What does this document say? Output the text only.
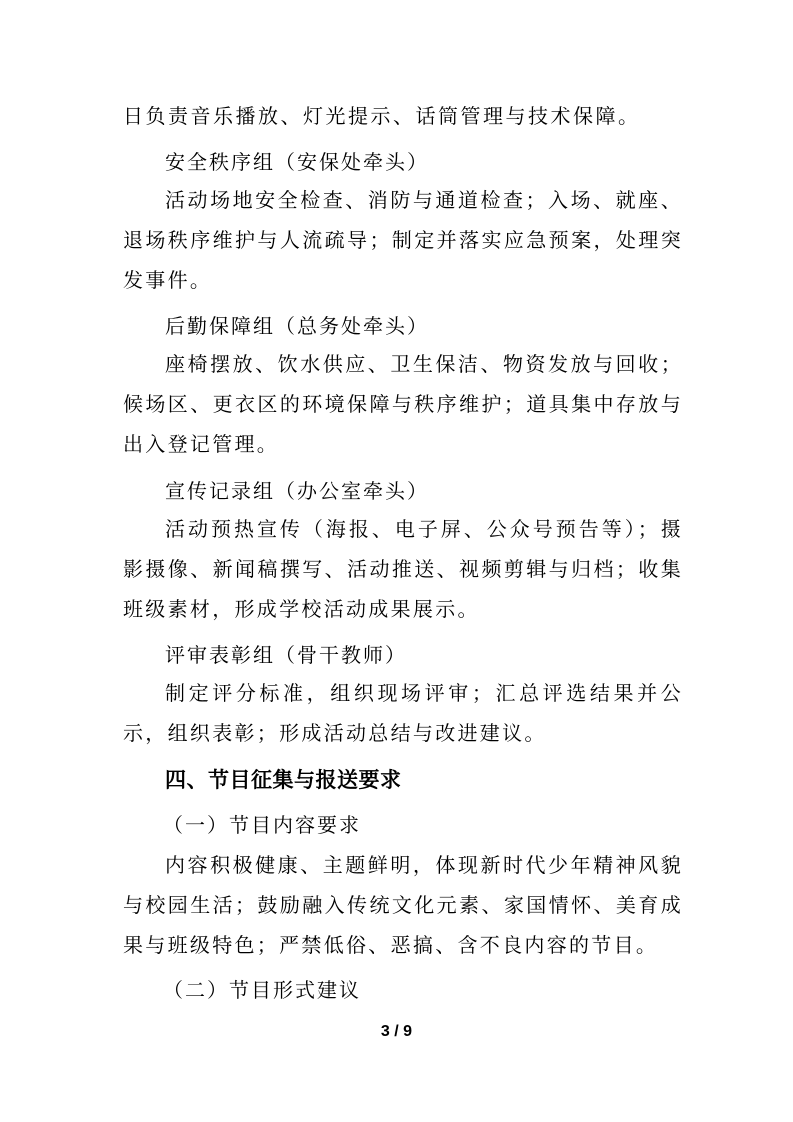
日负责音乐播放、灯光提示、话筒管理与技术保障。
安全秩序组（安保处牵头）

活动场地安全检查、消防与通道检查；入场、就座、退场秩序维护与人流疏导；制定并落实应急预案，处理突发事件。

后勤保障组（总务处牵头）

座椅摆放、饮水供应、卫生保洁、物资发放与回收；候场区、更衣区的环境保障与秩序维护；道具集中存放与出入登记管理。

宣传记录组（办公室牵头）

活动预热宣传（海报、电子屏、公众号预告等）；摄影摄像、新闻稿撰写、活动推送、视频剪辑与归档；收集班级素材，形成学校活动成果展示。

评审表彰组（骨干教师）

制定评分标准，组织现场评审；汇总评选结果并公示，组织表彰；形成活动总结与改进建议。

四、节目征集与报送要求
（一）节目内容要求

内容积极健康、主题鲜明，体现新时代少年精神风貌与校园生活；鼓励融入传统文化元素、家国情怀、美育成果与班级特色；严禁低俗、恶搞、含不良内容的节目。

（二）节目形式建议
3 / 9
